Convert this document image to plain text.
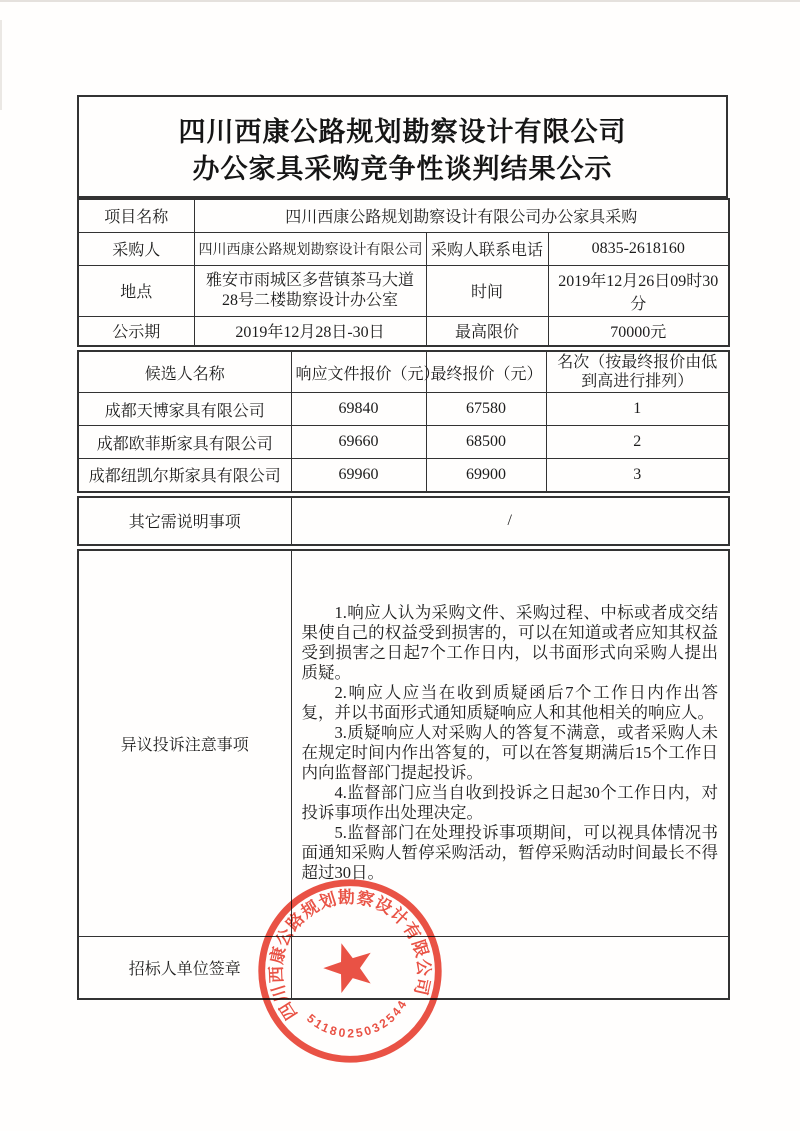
四川西康公路规划勘察设计有限公司
办公家具采购竞争性谈判结果公示
项目名称	四川西康公路规划勘察设计有限公司办公家具采购		
采购人	四川西康公路规划勘察设计有限公司	采购人联系电话	0835-2618160
地点	雅安市雨城区多营镇茶马大道28号二楼勘察设计办公室	时间	2019年12月26日09时30分
公示期	2019年12月28日-30日	最高限价	70000元
候选人名称	响应文件报价（元）	最终报价（元）	名次（按最终报价由低到高进行排列）
成都天博家具有限公司	69840	67580	1
成都欧菲斯家具有限公司	69660	68500	2
成都纽凯尔斯家具有限公司	69960	69900	3
其它需说明事项	/
异议投诉注意事项	1.响应人认为采购文件、采购过程、中标或者成交结果使自己的权益受到损害的，可以在知道或者应知其权益受到损害之日起7个工作日内，以书面形式向采购人提出质疑。

2.响应人应当在收到质疑函后7个工作日内作出答复，并以书面形式通知质疑响应人和其他相关的响应人。

3.质疑响应人对采购人的答复不满意，或者采购人未在规定时间内作出答复的，可以在答复期满后15个工作日内向监督部门提起投诉。

4.监督部门应当自收到投诉之日起30个工作日内，对投诉事项作出处理决定。

5.监督部门在处理投诉事项期间，可以视具体情况书面通知采购人暂停采购活动，暂停采购活动时间最长不得超过30日。

招标人单位签章	
四川西康公路规划勘察设计有限公司
5118025032544
